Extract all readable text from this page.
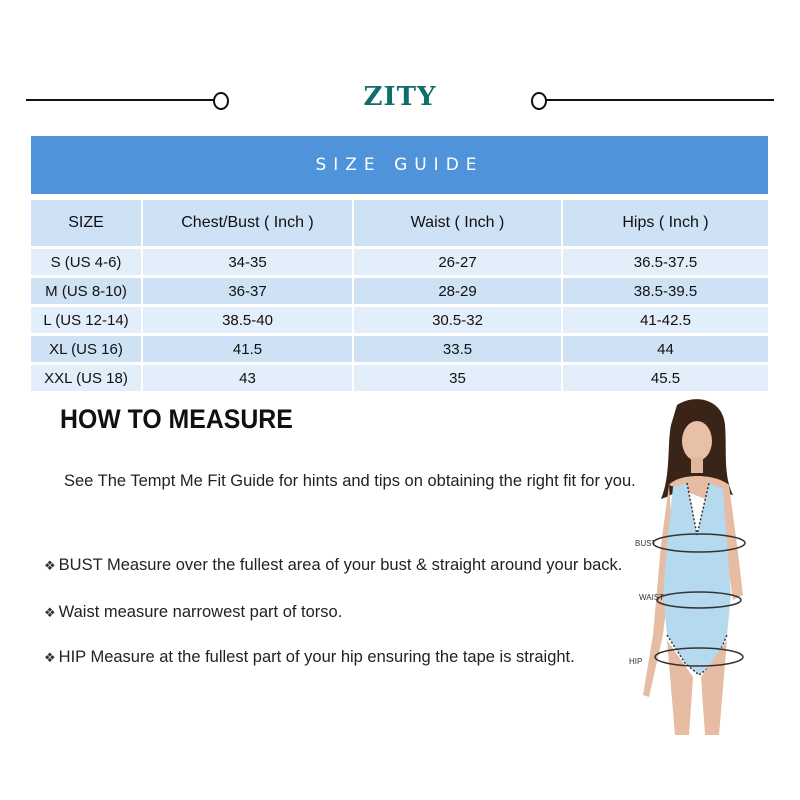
ZITY
SIZE GUIDE
SIZE	Chest/Bust ( Inch )	Waist ( Inch )	Hips ( Inch )
S (US 4-6)	34-35	26-27	36.5-37.5
M (US 8-10)	36-37	28-29	38.5-39.5
L (US 12-14)	38.5-40	30.5-32	41-42.5
XL (US 16)	41.5	33.5	44
XXL (US 18)	43	35	45.5
HOW TO MEASURE
See The Tempt Me Fit Guide for hints and tips on obtaining the right fit for you.
❖ BUST Measure over the fullest area of your bust & straight around your back.
❖ Waist measure narrowest part of torso.
❖ HIP Measure at the fullest part of your hip ensuring the tape is straight.
BUST
WAIST
HIP
